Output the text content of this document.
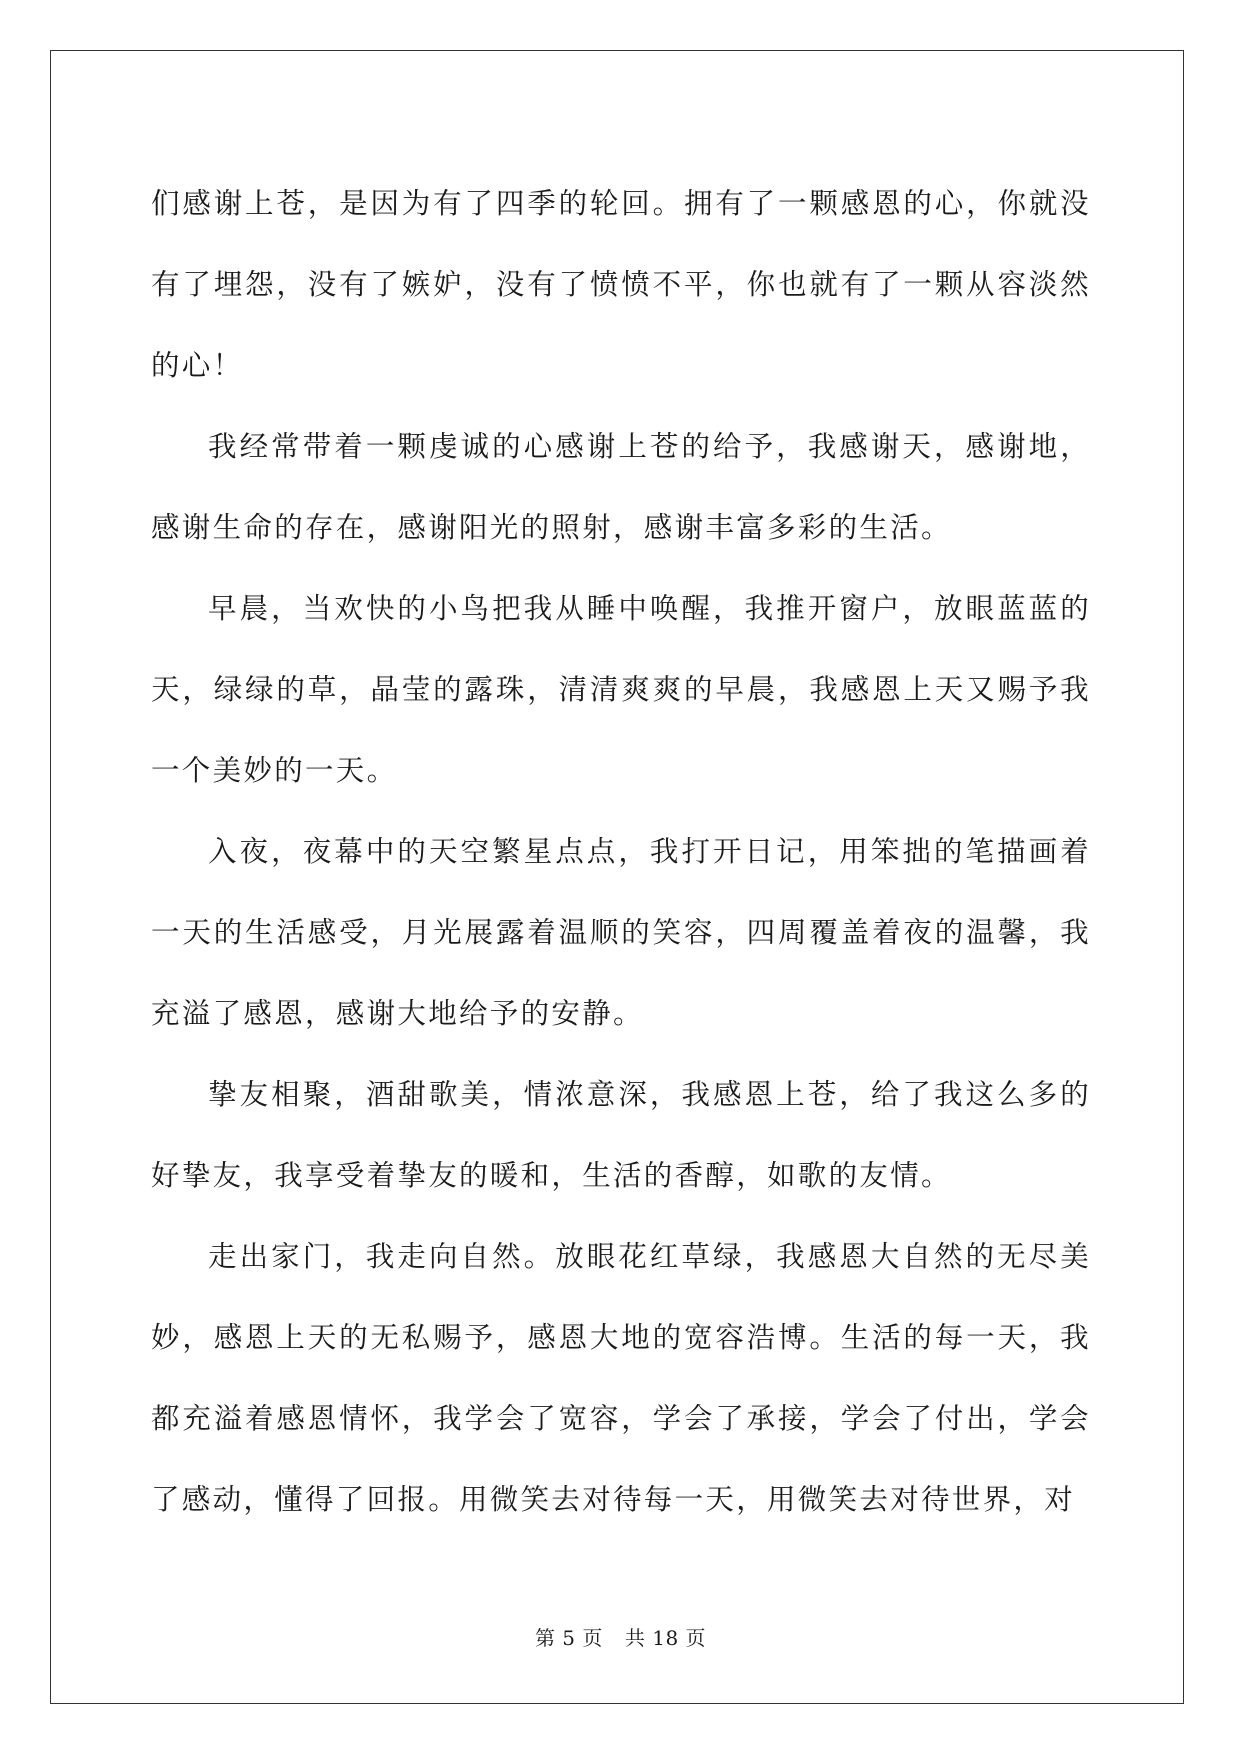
们感谢上苍，是因为有了四季的轮回。拥有了一颗感恩的心，你就没有了埋怨，没有了嫉妒，没有了愤愤不平，你也就有了一颗从容淡然的心！

我经常带着一颗虔诚的心感谢上苍的给予，我感谢天，感谢地，感谢生命的存在，感谢阳光的照射，感谢丰富多彩的生活。

早晨，当欢快的小鸟把我从睡中唤醒，我推开窗户，放眼蓝蓝的天，绿绿的草，晶莹的露珠，清清爽爽的早晨，我感恩上天又赐予我一个美妙的一天。

入夜，夜幕中的天空繁星点点，我打开日记，用笨拙的笔描画着一天的生活感受，月光展露着温顺的笑容，四周覆盖着夜的温馨，我充溢了感恩，感谢大地给予的安静。

挚友相聚，酒甜歌美，情浓意深，我感恩上苍，给了我这么多的好挚友，我享受着挚友的暖和，生活的香醇，如歌的友情。

走出家门，我走向自然。放眼花红草绿，我感恩大自然的无尽美妙，感恩上天的无私赐予，感恩大地的宽容浩博。生活的每一天，我都充溢着感恩情怀，我学会了宽容，学会了承接，学会了付出，学会了感动，懂得了回报。用微笑去对待每一天，用微笑去对待世界，对

第 5 页 共 18 页
